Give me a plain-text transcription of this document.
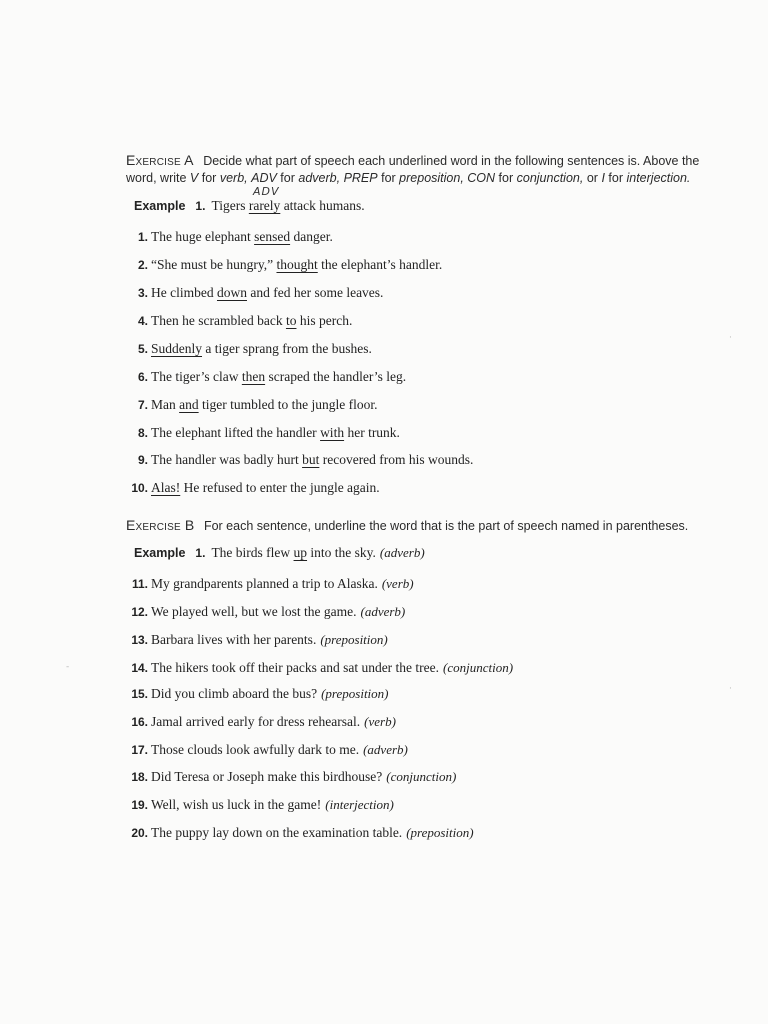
Exercise A Decide what part of speech each underlined word in the following sentences is. Above the word, write V for verb, ADV for adverb, PREP for preposition, CON for conjunction, or I for interjection.
ADV
Example 1. Tigers rarely attack humans.
1. The huge elephant sensed danger.
2. “She must be hungry,” thought the elephant’s handler.
3. He climbed down and fed her some leaves.
4. Then he scrambled back to his perch.
5. Suddenly a tiger sprang from the bushes.
6. The tiger’s claw then scraped the handler’s leg.
7. Man and tiger tumbled to the jungle floor.
8. The elephant lifted the handler with her trunk.
9. The handler was badly hurt but recovered from his wounds.
10. Alas! He refused to enter the jungle again.
Exercise B For each sentence, underline the word that is the part of speech named in parentheses.
Example 1. The birds flew up into the sky. (adverb)
11. My grandparents planned a trip to Alaska. (verb)
12. We played well, but we lost the game. (adverb)
13. Barbara lives with her parents. (preposition)
14. The hikers took off their packs and sat under the tree. (conjunction)
15. Did you climb aboard the bus? (preposition)
16. Jamal arrived early for dress rehearsal. (verb)
17. Those clouds look awfully dark to me. (adverb)
18. Did Teresa or Joseph make this birdhouse? (conjunction)
19. Well, wish us luck in the game! (interjection)
20. The puppy lay down on the examination table. (preposition)
·
·
-
